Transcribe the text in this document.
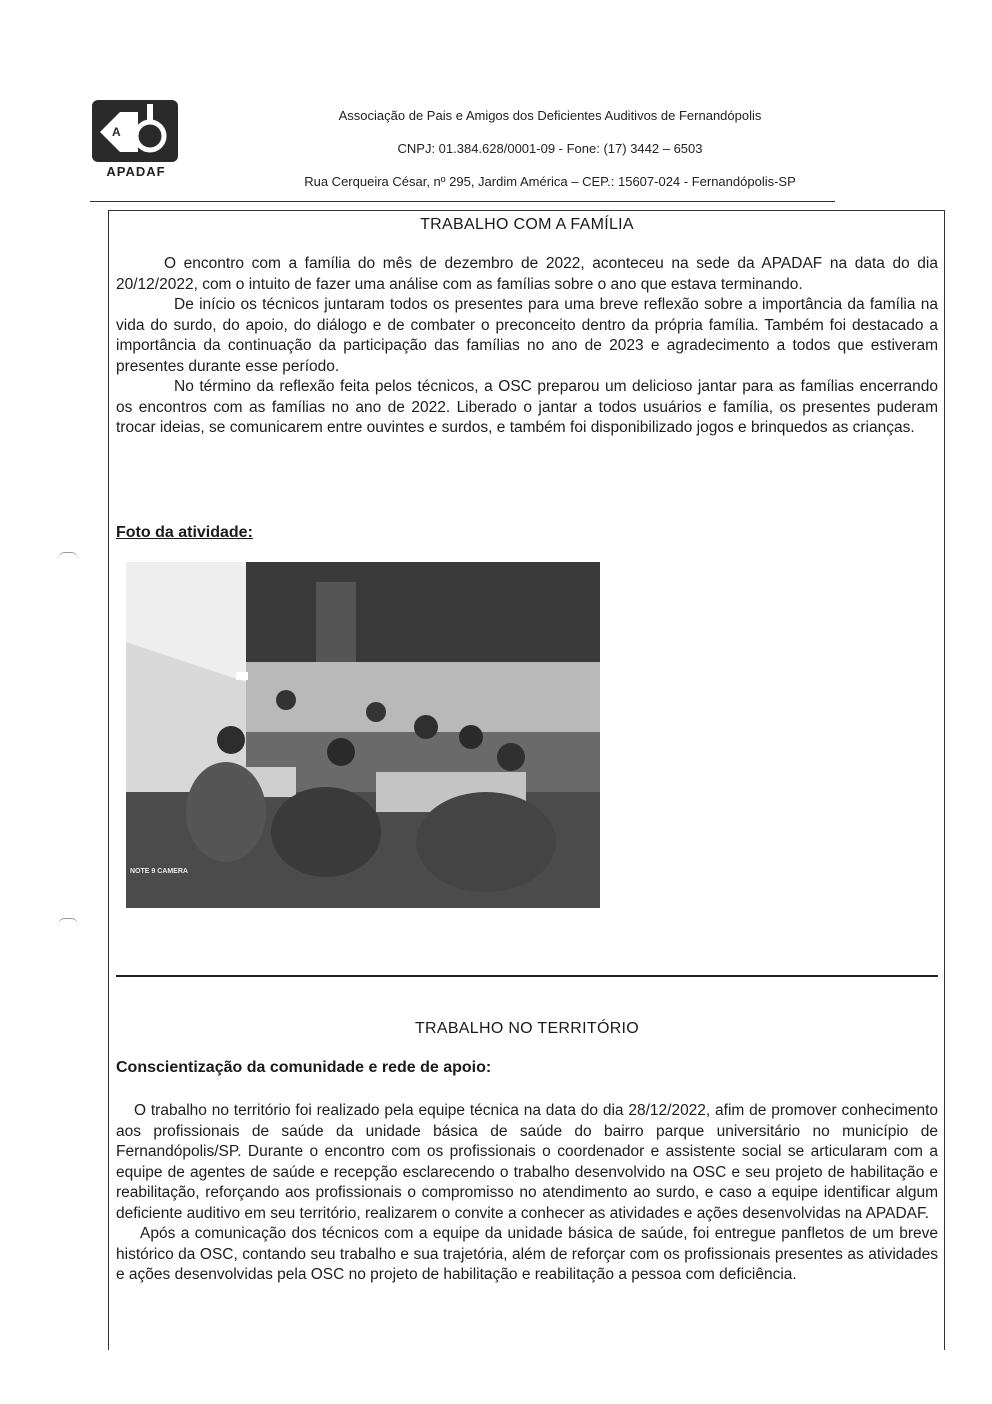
A
APADAF
Associação de Pais e Amigos dos Deficientes Auditivos de Fernandópolis
CNPJ: 01.384.628/0001-09 - Fone: (17) 3442 – 6503
Rua Cerqueira César, nº 295, Jardim América – CEP.: 15607-024 - Fernandópolis-SP
TRABALHO COM A FAMÍLIA

O encontro com a família do mês de dezembro de 2022, aconteceu na sede da APADAF na data do dia 20/12/2022, com o intuito de fazer uma análise com as famílias sobre o ano que estava terminando.

De início os técnicos juntaram todos os presentes para uma breve reflexão sobre a importância da família na vida do surdo, do apoio, do diálogo e de combater o preconceito dentro da própria família. Também foi destacado a importância da continuação da participação das famílias no ano de 2023 e agradecimento a todos que estiveram presentes durante esse período.

No término da reflexão feita pelos técnicos, a OSC preparou um delicioso jantar para as famílias encerrando os encontros com as famílias no ano de 2022. Liberado o jantar a todos usuários e família, os presentes puderam trocar ideias, se comunicarem entre ouvintes e surdos, e também foi disponibilizado jogos e brinquedos as crianças.

Foto da atividade:
NOTE 9 CAMERA
TRABALHO NO TERRITÓRIO
Conscientização da comunidade e rede de apoio:

O trabalho no território foi realizado pela equipe técnica na data do dia 28/12/2022, afim de promover conhecimento aos profissionais de saúde da unidade básica de saúde do bairro parque universitário no município de Fernandópolis/SP. Durante o encontro com os profissionais o coordenador e assistente social se articularam com a equipe de agentes de saúde e recepção esclarecendo o trabalho desenvolvido na OSC e seu projeto de habilitação e reabilitação, reforçando aos profissionais o compromisso no atendimento ao surdo, e caso a equipe identificar algum deficiente auditivo em seu território, realizarem o convite a conhecer as atividades e ações desenvolvidas na APADAF.

Após a comunicação dos técnicos com a equipe da unidade básica de saúde, foi entregue panfletos de um breve histórico da OSC, contando seu trabalho e sua trajetória, além de reforçar com os profissionais presentes as atividades e ações desenvolvidas pela OSC no projeto de habilitação e reabilitação a pessoa com deficiência.
